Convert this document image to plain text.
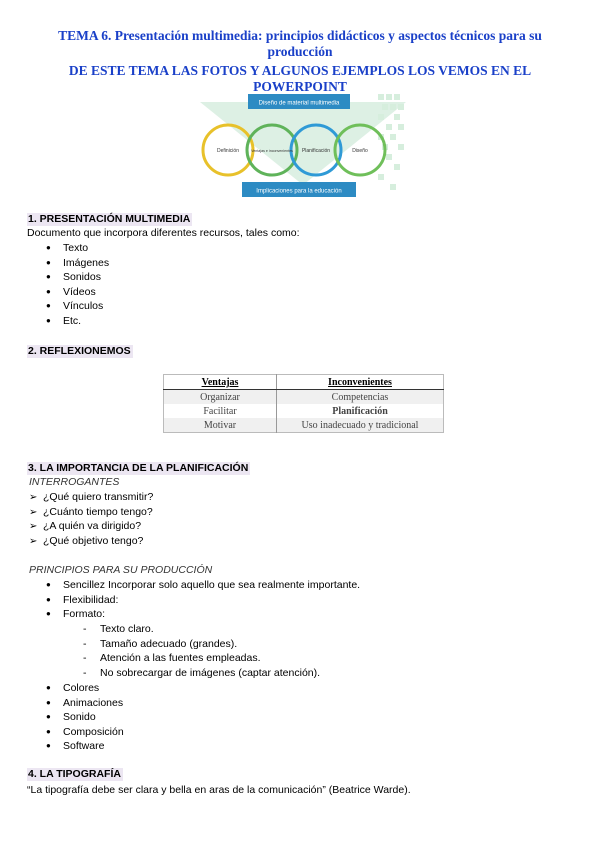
TEMA 6. Presentación multimedia: principios didácticos y aspectos técnicos para su
producción
DE ESTE TEMA LAS FOTOS Y ALGUNOS EJEMPLOS LOS VEMOS EN EL POWERPOINT
Diseño de material multimedia
Definición	Ventajas e inconvenientes Planificación	Diseño
Implicaciones para la educación
1. PRESENTACIÓN MULTIMEDIA
Documento que incorpora diferentes recursos, tales como:
● Texto
● Imágenes
● Sonidos
● Vídeos
● Vínculos
● Etc.
2. REFLEXIONEMOS
Ventajas	Inconvenientes
Organizar	Competencias
Facilitar	Planificación
Motivar	Uso inadecuado y tradicional
3. LA IMPORTANCIA DE LA PLANIFICACIÓN
INTERROGANTES
➢ ¿Qué quiero transmitir?
➢ ¿Cuánto tiempo tengo?
➢ ¿A quién va dirigido?
➢ ¿Qué objetivo tengo?
PRINCIPIOS PARA SU PRODUCCIÓN
● Sencillez Incorporar solo aquello que sea realmente importante.
● Flexibilidad:
● Formato:
- Texto claro.
- Tamaño adecuado (grandes).
- Atención a las fuentes empleadas.
- No sobrecargar de imágenes (captar atención).
● Colores
● Animaciones
● Sonido
● Composición
● Software
4. LA TIPOGRAFÍA
“La tipografía debe ser clara y bella en aras de la comunicación” (Beatrice Warde).
